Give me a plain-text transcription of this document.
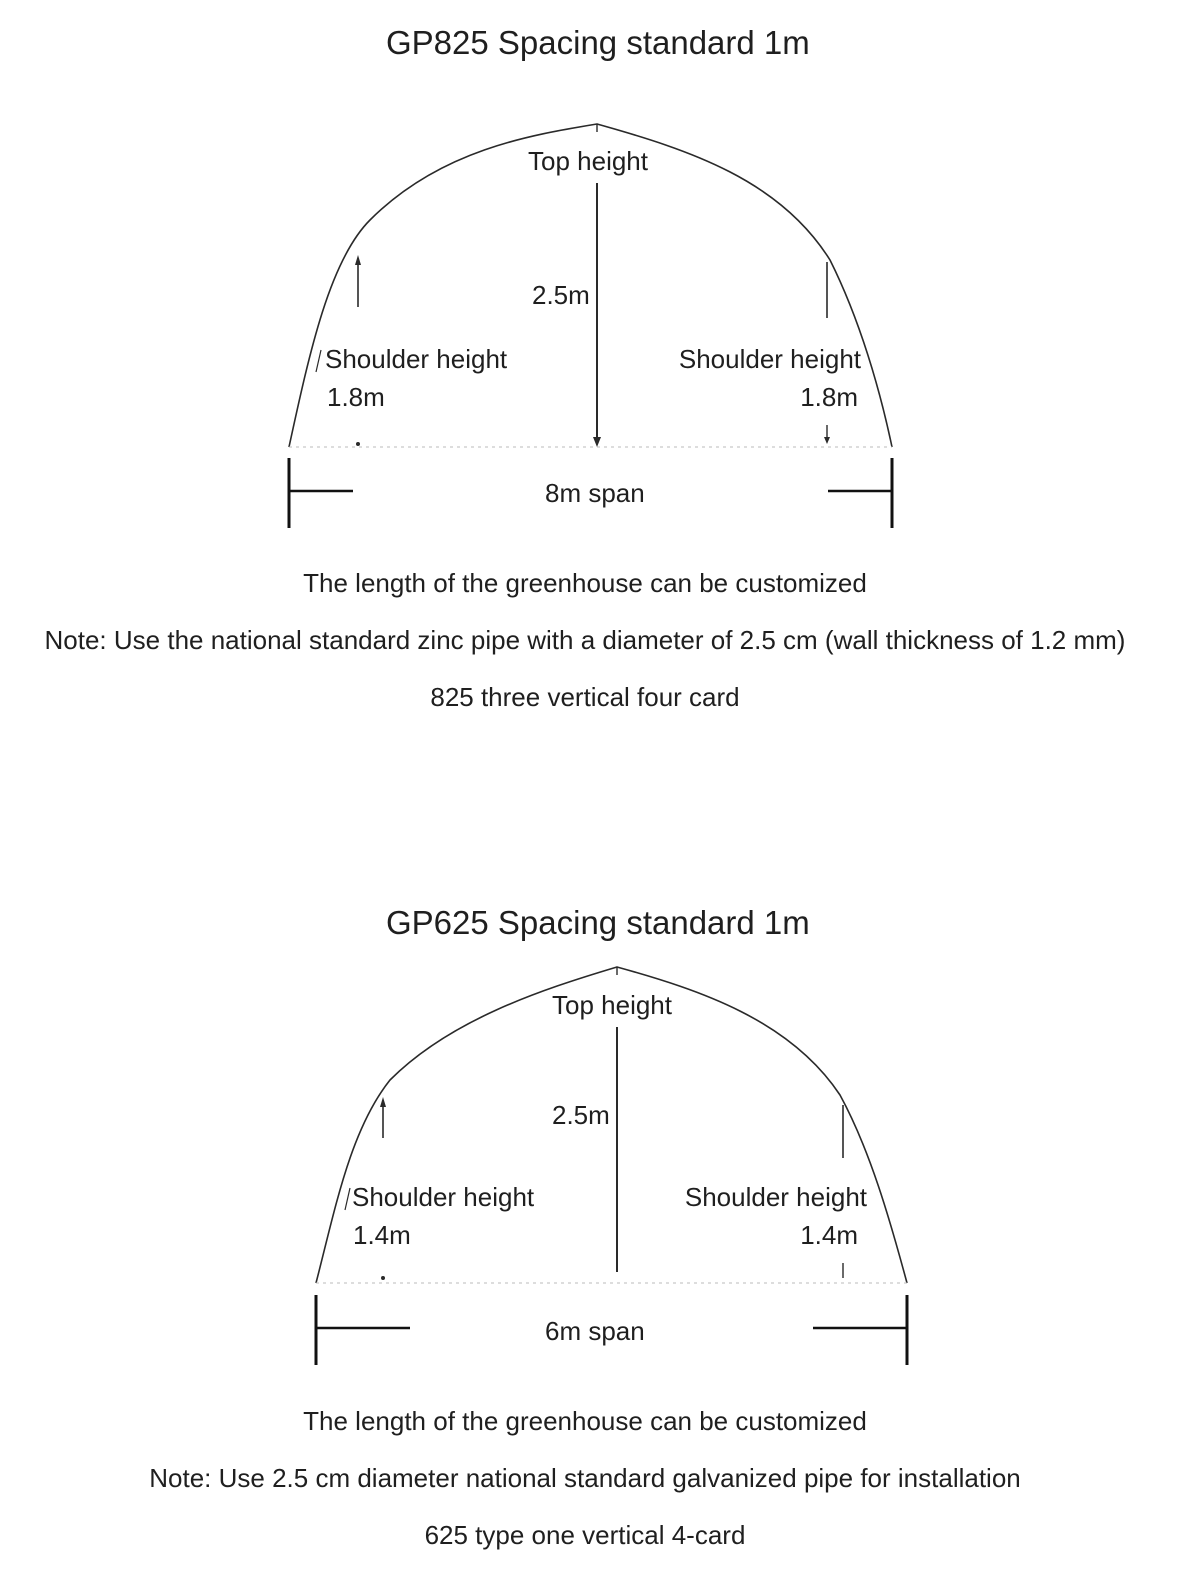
GP825 Spacing standard 1m
Top height
2.5m
Shoulder height
1.8m
Shoulder height
1.8m
8m span
The length of the greenhouse can be customized
Note: Use the national standard zinc pipe with a diameter of 2.5 cm (wall thickness of 1.2 mm)
825 three vertical four card
GP625 Spacing standard 1m
Top height
2.5m
Shoulder height
1.4m
Shoulder height
1.4m
6m span
The length of the greenhouse can be customized
Note: Use 2.5 cm diameter national standard galvanized pipe for installation
625 type one vertical 4-card
